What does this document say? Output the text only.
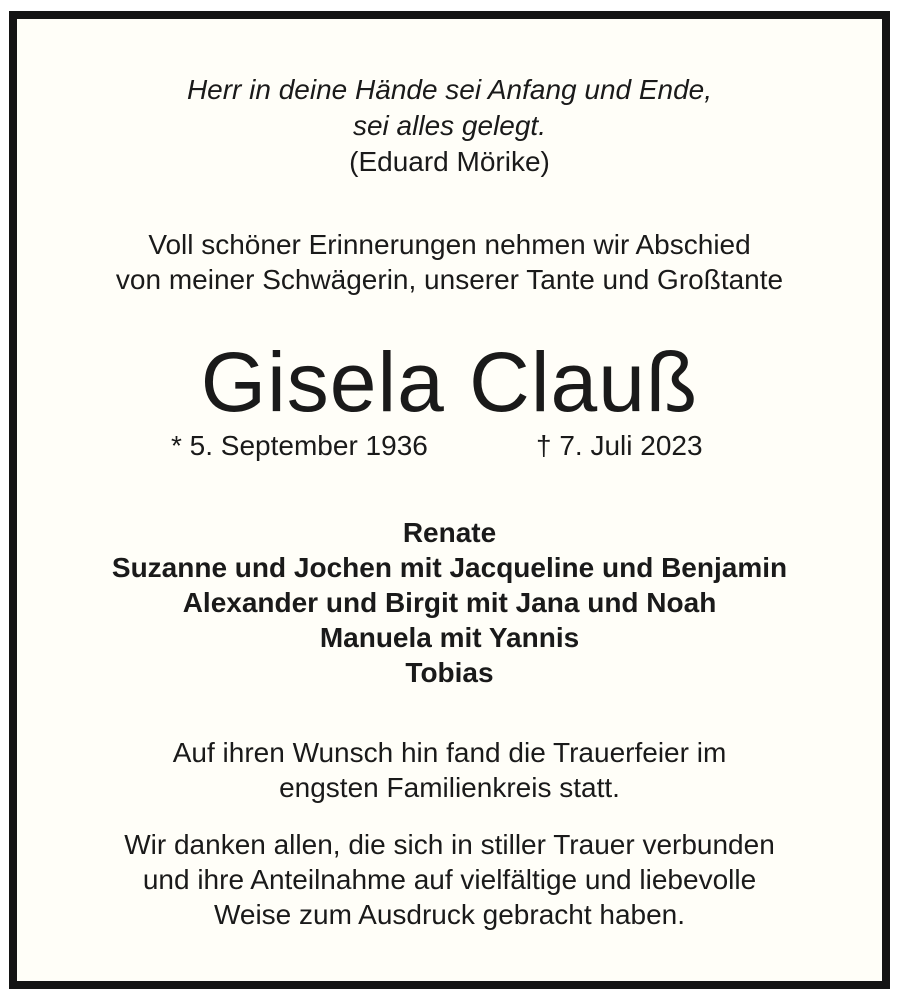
Herr in deine Hände sei Anfang und Ende,
sei alles gelegt.
(Eduard Mörike)
Voll schöner Erinnerungen nehmen wir Abschied
von meiner Schwägerin, unserer Tante und Großtante
Gisela Clauß
* 5. September 1936	† 7. Juli 2023
Renate
Suzanne und Jochen mit Jacqueline und Benjamin
Alexander und Birgit mit Jana und Noah
Manuela mit Yannis
Tobias
Auf ihren Wunsch hin fand die Trauerfeier im
engsten Familienkreis statt.
Wir danken allen, die sich in stiller Trauer verbunden
und ihre Anteilnahme auf vielfältige und liebevolle
Weise zum Ausdruck gebracht haben.
